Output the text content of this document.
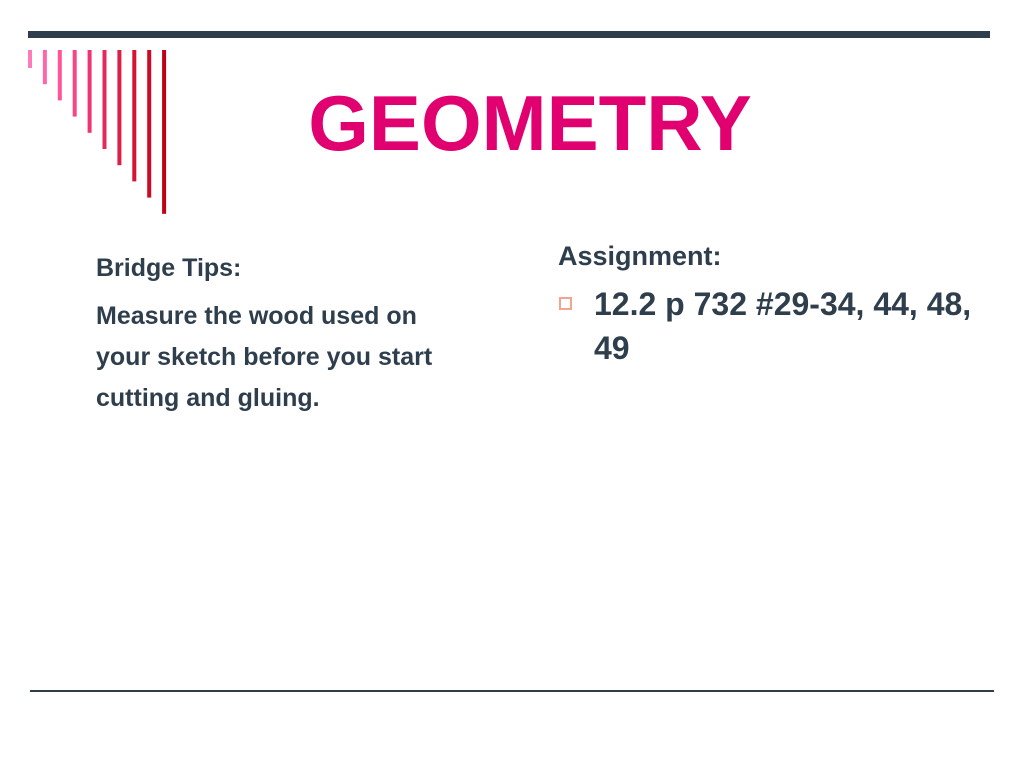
GEOMETRY
Bridge Tips:
Measure the wood used on your sketch before you start cutting and gluing.
Assignment:
12.2 p 732 #29-34, 44, 48, 49
